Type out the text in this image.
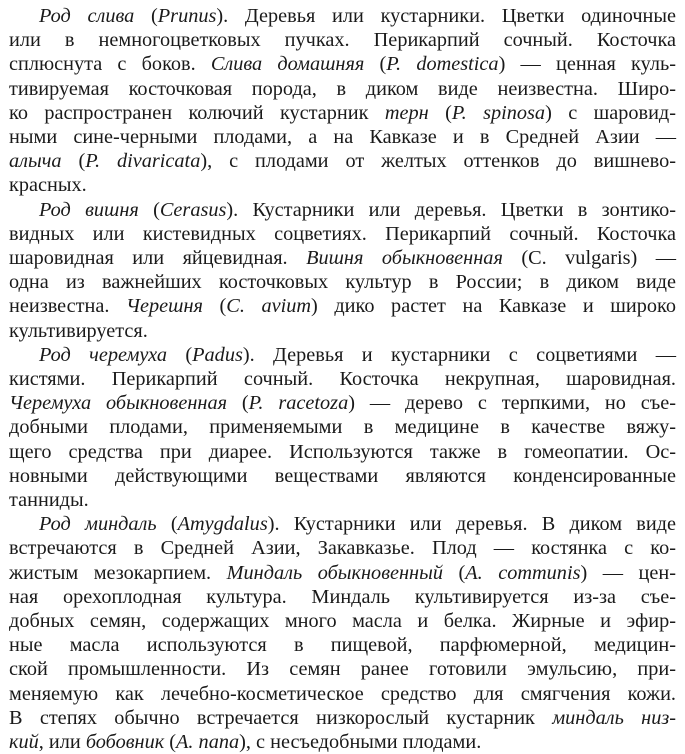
Род слива (Prunus). Деревья или кустарники. Цветки одиночные
или в немногоцветковых пучках. Перикарпий сочный. Косточка
сплюснута с боков. Слива домашняя (P. domestica) — ценная куль-
тивируемая косточковая порода, в диком виде неизвестна. Широ-
ко распространен колючий кустарник терн (P. spinosa) с шаровид-
ными сине-черными плодами, а на Кавказе и в Средней Азии —
алыча (P. divaricata), с плодами от желтых оттенков до вишнево-
красных.
Род вишня (Cerasus). Кустарники или деревья. Цветки в зонтико-
видных или кистевидных соцветиях. Перикарпий сочный. Косточка
шаровидная или яйцевидная. Вишня обыкновенная (С. vulgaris) —
одна из важнейших косточковых культур в России; в диком виде
неизвестна. Черешня (С. avium) дико растет на Кавказе и широко
культивируется.
Род черемуха (Padus). Деревья и кустарники с соцветиями —
кистями. Перикарпий сочный. Косточка некрупная, шаровидная.
Черемуха обыкновенная (P. racetoza) — дерево с терпкими, но съе-
добными плодами, применяемыми в медицине в качестве вяжу-
щего средства при диарее. Используются также в гомеопатии. Ос-
новными действующими веществами являются конденсированные
танниды.
Род миндаль (Amygdalus). Кустарники или деревья. В диком виде
встречаются в Средней Азии, Закавказье. Плод — костянка с ко-
жистым мезокарпием. Миндаль обыкновенный (A. communis) — цен-
ная орехоплодная культура. Миндаль культивируется из-за съе-
добных семян, содержащих много масла и белка. Жирные и эфир-
ные масла используются в пищевой, парфюмерной, медицин-
ской промышленности. Из семян ранее готовили эмульсию, при-
меняемую как лечебно-косметическое средство для смягчения кожи.
В степях обычно встречается низкорослый кустарник миндаль низ-
кий, или бобовник (A. nana), с несъедобными плодами.
